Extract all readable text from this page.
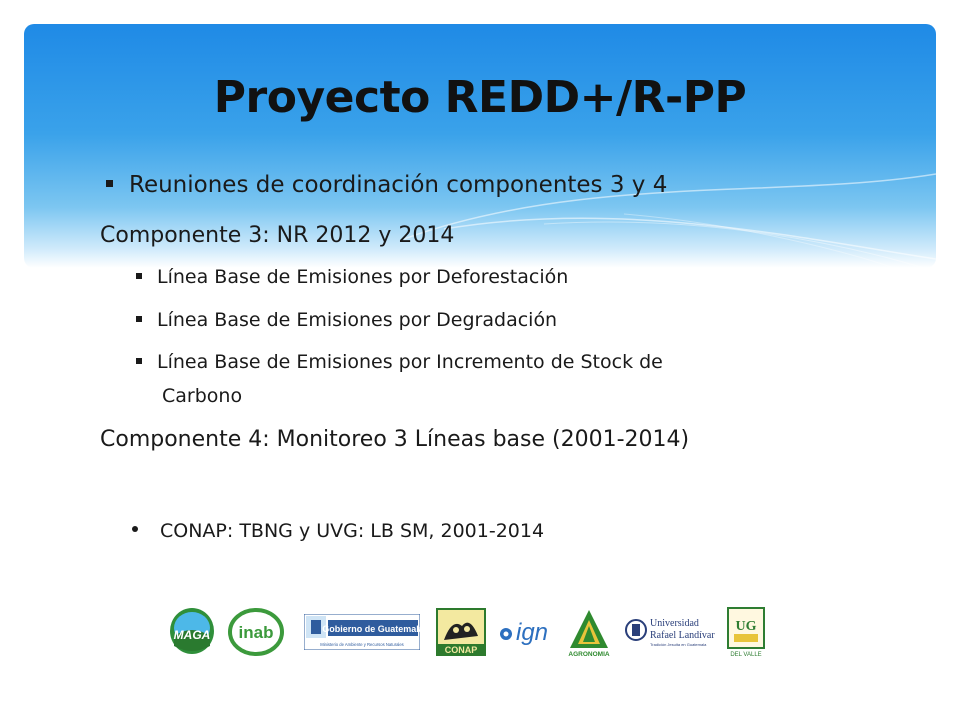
Proyecto REDD+/R-PP
Reuniones de coordinación componentes 3 y 4
Componente 3: NR 2012 y 2014
Línea Base de Emisiones por Deforestación
Línea Base de Emisiones por Degradación
Línea Base de Emisiones por Incremento de Stock de
Carbono
Componente 4: Monitoreo 3 Líneas base (2001-2014)
CONAP: TBNG y UVG: LB SM, 2001-2014
MAGA inab	Gobierno de Guatemala
Ministerio de Ambiente y Recursos Naturales
CONAP
ign
AGRONOMIA
Universidad
Rafael Landívar
Tradición Jesuita en Guatemala
UG
DEL VALLE
